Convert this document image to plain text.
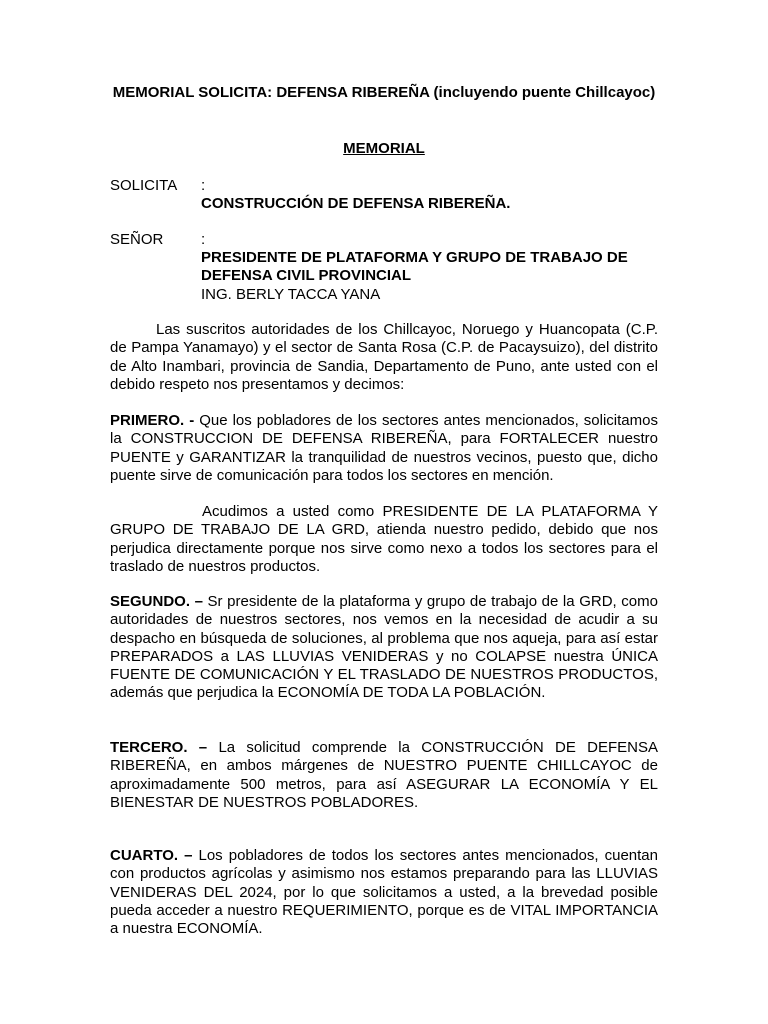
MEMORIAL SOLICITA: DEFENSA RIBEREÑA (incluyendo puente Chillcayoc)
MEMORIAL
SOLICITA :
CONSTRUCCIÓN DE DEFENSA RIBEREÑA.
SEÑOR	:
PRESIDENTE DE PLATAFORMA Y GRUPO DE TRABAJO DE DEFENSA CIVIL PROVINCIAL
ING. BERLY TACCA YANA
Las suscritos autoridades de los Chillcayoc, Noruego y Huancopata (C.P. de Pampa Yanamayo) y el sector de Santa Rosa (C.P. de Pacaysuizo), del distrito de Alto Inambari, provincia de Sandia, Departamento de Puno, ante usted con el debido respeto nos presentamos y decimos:
PRIMERO. - Que los pobladores de los sectores antes mencionados, solicitamos la CONSTRUCCION DE DEFENSA RIBEREÑA, para FORTALECER nuestro PUENTE y GARANTIZAR la tranquilidad de nuestros vecinos, puesto que, dicho puente sirve de comunicación para todos los sectores en mención.
Acudimos a usted como PRESIDENTE DE LA PLATAFORMA Y GRUPO DE TRABAJO DE LA GRD, atienda nuestro pedido, debido que nos perjudica directamente porque nos sirve como nexo a todos los sectores para el traslado de nuestros productos.
SEGUNDO. – Sr presidente de la plataforma y grupo de trabajo de la GRD, como autoridades de nuestros sectores, nos vemos en la necesidad de acudir a su despacho en búsqueda de soluciones, al problema que nos aqueja, para así estar PREPARADOS a LAS LLUVIAS VENIDERAS y no COLAPSE nuestra ÚNICA FUENTE DE COMUNICACIÓN Y EL TRASLADO DE NUESTROS PRODUCTOS, además que perjudica la ECONOMÍA DE TODA LA POBLACIÓN.
TERCERO. – La solicitud comprende la CONSTRUCCIÓN DE DEFENSA RIBEREÑA, en ambos márgenes de NUESTRO PUENTE CHILLCAYOC de aproximadamente 500 metros, para así ASEGURAR LA ECONOMÍA Y EL BIENESTAR DE NUESTROS POBLADORES.
CUARTO. – Los pobladores de todos los sectores antes mencionados, cuentan con productos agrícolas y asimismo nos estamos preparando para las LLUVIAS VENIDERAS DEL 2024, por lo que solicitamos a usted, a la brevedad posible pueda acceder a nuestro REQUERIMIENTO, porque es de VITAL IMPORTANCIA a nuestra ECONOMÍA.
